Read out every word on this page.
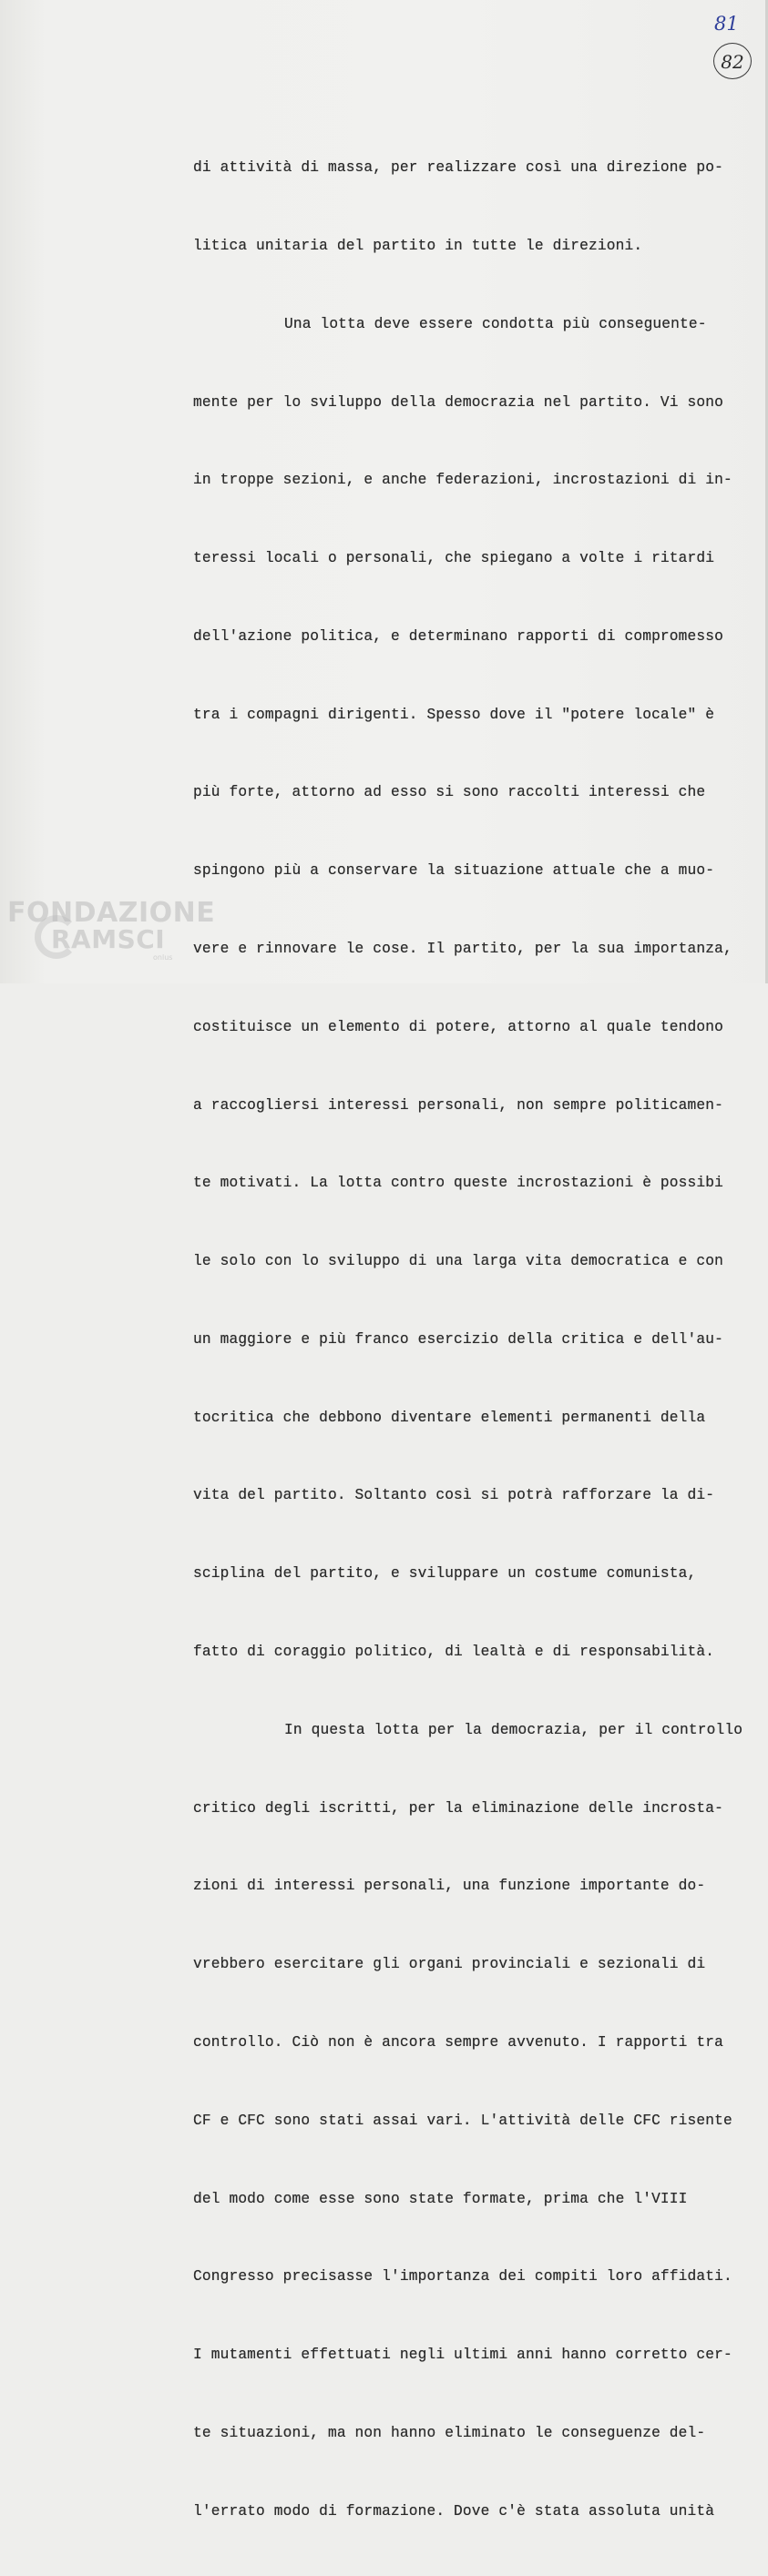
81
82

di attività di massa, per realizzare così una direzione po-

litica unitaria del partito in tutte le direzioni.

Una lotta deve essere condotta più conseguente-

mente per lo sviluppo della democrazia nel partito. Vi sono

in troppe sezioni, e anche federazioni, incrostazioni di in-

teressi locali o personali, che spiegano a volte i ritardi

dell'azione politica, e determinano rapporti di compromesso

tra i compagni dirigenti. Spesso dove il "potere locale" è

più forte, attorno ad esso si sono raccolti interessi che

spingono più a conservare la situazione attuale che a muo-

vere e rinnovare le cose. Il partito, per la sua importanza,

costituisce un elemento di potere, attorno al quale tendono

a raccogliersi interessi personali, non sempre politicamen-

te motivati. La lotta contro queste incrostazioni è possibi

le solo con lo sviluppo di una larga vita democratica e con

un maggiore e più franco esercizio della critica e dell'au-

tocritica che debbono diventare elementi permanenti della

vita del partito. Soltanto così si potrà rafforzare la di-

sciplina del partito, e sviluppare un costume comunista,

fatto di coraggio politico, di lealtà e di responsabilità.

In questa lotta per la democrazia, per il controllo

critico degli iscritti, per la eliminazione delle incrosta-

zioni di interessi personali, una funzione importante do-

vrebbero esercitare gli organi provinciali e sezionali di

controllo. Ciò non è ancora sempre avvenuto. I rapporti tra

CF e CFC sono stati assai vari. L'attività delle CFC risente

del modo come esse sono state formate, prima che l'VIII

Congresso precisasse l'importanza dei compiti loro affidati.

I mutamenti effettuati negli ultimi anni hanno corretto cer-

te situazioni, ma non hanno eliminato le conseguenze del-

l'errato modo di formazione. Dove c'è stata assoluta unità

FONDAZIONE
RAMSCI
onlus
